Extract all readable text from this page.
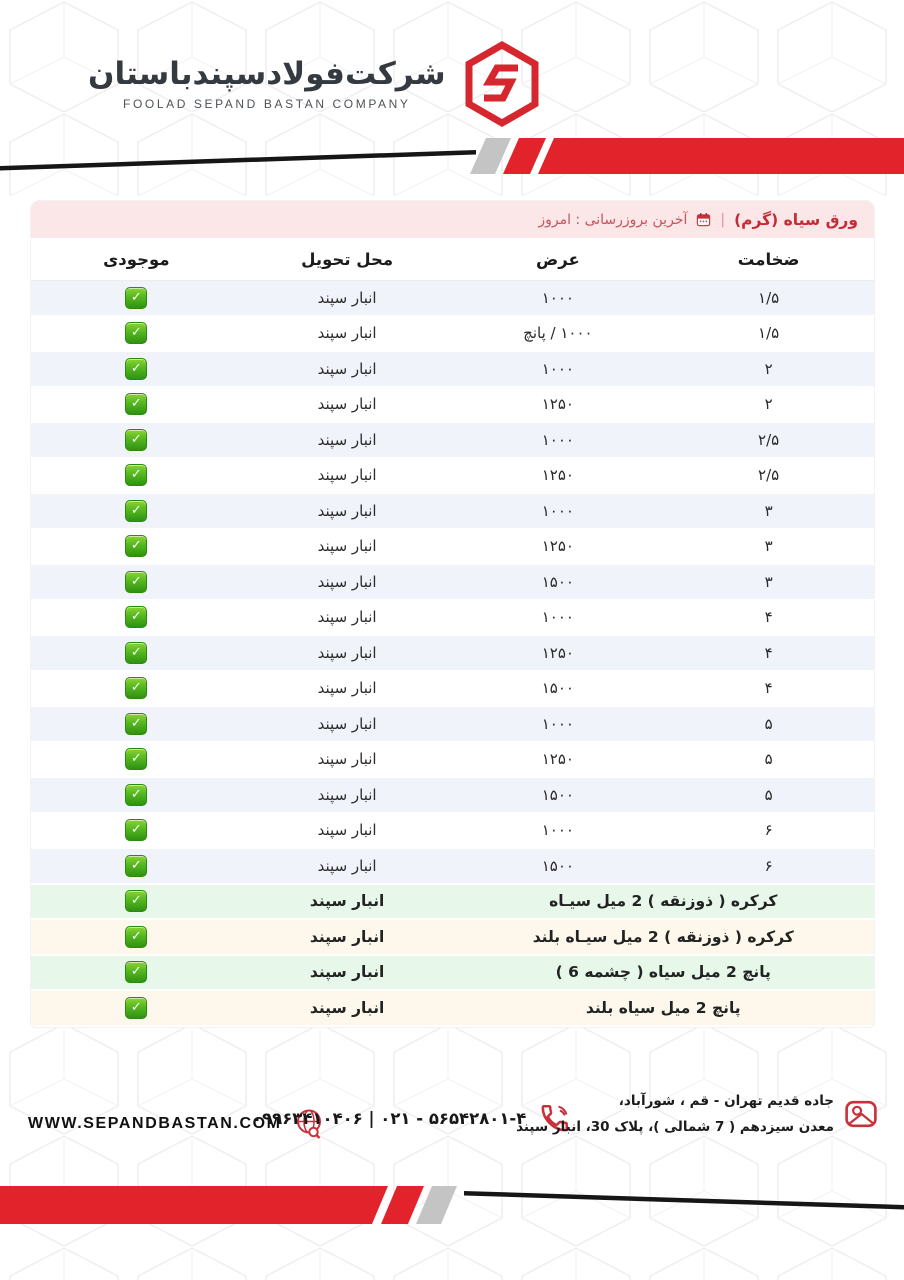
شرکت‌فولادسپندباستان
FOOLAD SEPAND BASTAN COMPANY
ورق سیاه (گرم)
|
آخرین بروزرسانی : امروز
ضخامت
عرض
محل تحویل
موجودی
۱/۵
۱۰۰۰
انبار سپند
✓
۱/۵
۱۰۰۰ / پانچ
انبار سپند
✓
۲
۱۰۰۰
انبار سپند
✓
۲
۱۲۵۰
انبار سپند
✓
۲/۵
۱۰۰۰
انبار سپند
✓
۲/۵
۱۲۵۰
انبار سپند
✓
۳
۱۰۰۰
انبار سپند
✓
۳
۱۲۵۰
انبار سپند
✓
۳
۱۵۰۰
انبار سپند
✓
۴
۱۰۰۰
انبار سپند
✓
۴
۱۲۵۰
انبار سپند
✓
۴
۱۵۰۰
انبار سپند
✓
۵
۱۰۰۰
انبار سپند
✓
۵
۱۲۵۰
انبار سپند
✓
۵
۱۵۰۰
انبار سپند
✓
۶
۱۰۰۰
انبار سپند
✓
۶
۱۵۰۰
انبار سپند
✓
کرکره ( ذوزنقه ) 2 میل سیـاه
انبار سپند
✓
کرکره ( ذوزنقه ) 2 میل سیـاه بلند
انبار سپند
✓
پانچ 2 میل سیاه ( چشمه 6 )
انبار سپند
✓
پانچ 2 میل سیاه بلند
انبار سپند
✓
WWW.SEPANDBASTAN.COM
۰۹۹۶۳۴۱۰۴۰۶ | ۰۲۱ - ۵۶۵۴۲۸۰۱-۴
جاده قدیم تهران - قم ، شورآباد،
معدن سیزدهم ( 7 شمالی )، پلاک 30، انبار سپند
